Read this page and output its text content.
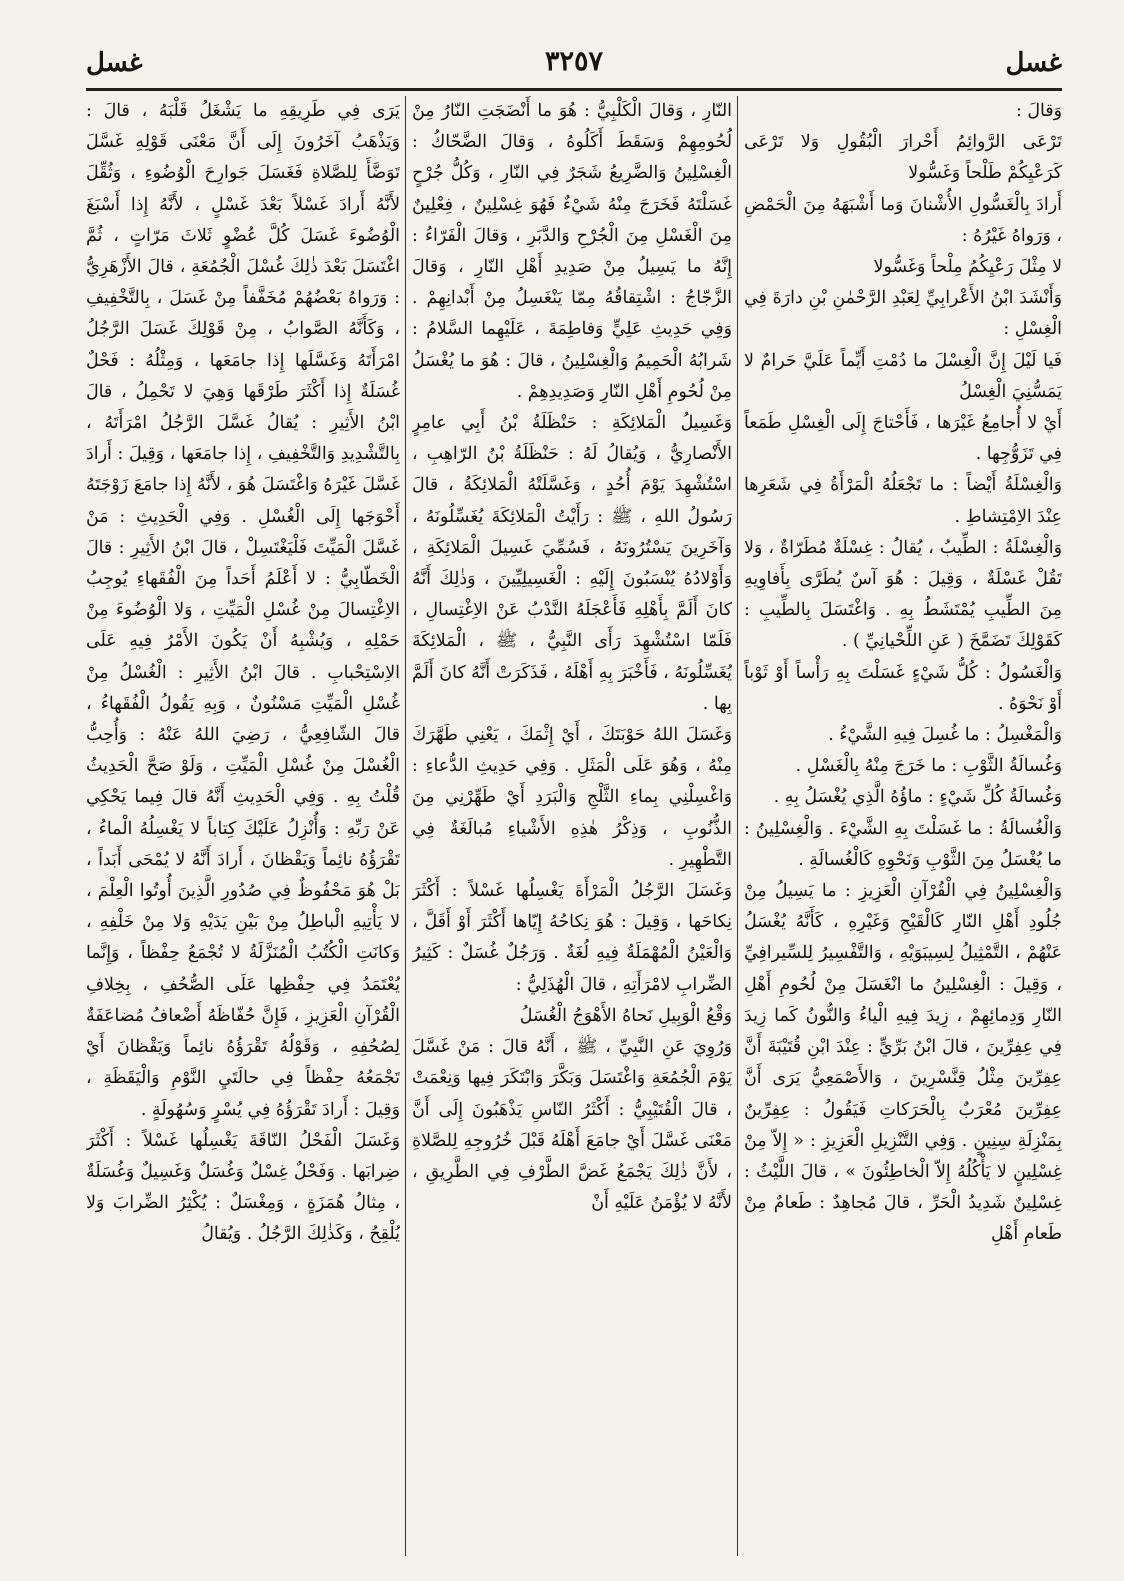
غسل
٣٢٥٧
غسل

وَقالَ :

تَرْعَى الرَّوائِمُ أَحْرارَ الْبُقُولِ وَلا تَرْعَى كَرَعْيِكُمْ طَلْحاً وَغَسُّولا

أَرادَ بِالْغَسُّولِ الأُشْنانَ وَما أَشْبَهَهُ مِنَ الْحَمْضِ ، وَرَواهُ غَيْرُهُ :

لا مِثْلَ رَعْيِكُمُ مِلْحاً وَغَسُّولا

وَأَنْشَدَ ابْنُ الأَعْرابِيِّ لِعَبْدِ الرَّحْمٰنِ بْنِ دارَةَ فِي الْغِسْلِ :

فَيا لَيْلَ إِنَّ الْغِسْلَ ما دُمْتِ أَيِّماً عَلَيَّ حَرامٌ لا يَمَسُّنِيَ الْغِسْلُ

أَيْ لا أُجامِعُ غَيْرَها ، فَأَحْتاجَ إِلَى الْغِسْلِ طَمَعاً فِي تَزَوُّجِها .

وَالْغِسْلَةُ أَيْضاً : ما تَجْعَلُهُ الْمَرْأَةُ فِي شَعَرِها عِنْدَ الاِمْتِشاطِ .

وَالْغِسْلَةُ : الطِّيبُ ، يُقالُ : غِسْلَةٌ مُطَرّاةٌ ، وَلا تَقُلْ غَسْلَةٌ ، وَقِيلَ : هُوَ آسٌ يُطَرَّى بِأَفاوِيهِ مِنَ الطِّيبِ يُمْتَشَطُ بِهِ . وَاغْتَسَلَ بِالطِّيبِ : كَقَوْلِكَ تَضَمَّخَ ( عَنِ اللِّحْيانِيِّ ) .

وَالْغَسُولُ : كُلُّ شَيْءٍ غَسَلْتَ بِهِ رَأْساً أَوْ ثَوْباً أَوْ نَحْوَهُ .

وَالْمَغْسِلُ : ما غُسِلَ فِيهِ الشَّيْءُ .

وَغُسالَةُ الثَّوْبِ : ما خَرَجَ مِنْهُ بِالْغَسْلِ .

وَغُسالَةُ كُلِّ شَيْءٍ : ماؤُهُ الَّذِي يُغْسَلُ بِهِ .

وَالْغُسالَةُ : ما غَسَلْتَ بِهِ الشَّيْءَ . وَالْغِسْلِينُ : ما يُغْسَلُ مِنَ الثَّوْبِ وَنَحْوِهِ كَالْغُسالَةِ .

وَالْغِسْلِينُ فِي الْقُرْآنِ الْعَزِيزِ : ما يَسِيلُ مِنْ جُلُودِ أَهْلِ النّارِ كَالْقَيْحِ وَغَيْرِهِ ، كَأَنَّهُ يُغْسَلُ عَنْهُمْ ، التَّمْثِيلُ لِسِيبَوَيْهِ ، وَالتَّفْسِيرُ لِلسِّيرافِيِّ ، وَقِيلَ : الْغِسْلِينُ ما انْغَسَلَ مِنْ لُحُومِ أَهْلِ النّارِ وَدِمائِهِمْ ، زِيدَ فِيهِ الْياءُ وَالنُّونُ كَما زِيدَ فِي عِفِرِّينَ ، قالَ ابْنُ بَرِّيٍّ : عِنْدَ ابْنِ قُتَيْبَةَ أَنَّ عِفِرِّينَ مِثْلُ قِنَّسْرِينَ ، وَالأَصْمَعِيُّ يَرَى أَنَّ عِفِرِّينَ مُعْرَبٌ بِالْحَرَكاتِ فَيَقُولُ : عِفِرِّينٌ بِمَنْزِلَةِ سِنِينٍ . وَفِي التَّنْزِيلِ الْعَزِيزِ : « إِلاّ مِنْ غِسْلِينٍ لا يَأْكُلُهُ إِلاّ الْخاطِئُونَ » ، قالَ اللَّيْثُ : غِسْلِينٌ شَدِيدُ الْحَرِّ ، قالَ مُجاهِدٌ : طَعامٌ مِنْ طَعامِ أَهْلِ

النّارِ ، وَقالَ الْكَلْبِيُّ : هُوَ ما أَنْضَجَتِ النّارُ مِنْ لُحُومِهِمْ وَسَقَطَ أَكَلُوهُ ، وَقالَ الضَّحّاكُ : الْغِسْلِينُ وَالضَّرِيعُ شَجَرٌ فِي النّارِ ، وَكُلُّ جُرْحٍ غَسَلْتَهُ فَخَرَجَ مِنْهُ شَيْءٌ فَهُوَ غِسْلِينٌ ، فِعْلِينٌ مِنَ الْغَسْلِ مِنَ الْجُرْحِ وَالدَّبَرِ ، وَقالَ الْفَرّاءُ : إِنَّهُ ما يَسِيلُ مِنْ صَدِيدِ أَهْلِ النّارِ ، وَقالَ الزَّجّاجُ : اشْتِقاقُهُ مِمّا يَنْغَسِلُ مِنْ أَبْدانِهِمْ . وَفِي حَدِيثِ عَلِيٍّ وَفاطِمَةَ ، عَلَيْهِما السَّلامُ : شَرابُهُ الْحَمِيمُ وَالْغِسْلِينُ ، قالَ : هُوَ ما يُغْسَلُ مِنْ لُحُومِ أَهْلِ النّارِ وَصَدِيدِهِمْ .

وَغَسِيلُ الْمَلائِكَةِ : حَنْظَلَةُ بْنُ أَبِي عامِرٍ الأَنْصارِيُّ ، وَيُقالُ لَهُ : حَنْظَلَةُ بْنُ الرّاهِبِ ، اسْتُشْهِدَ يَوْمَ أُحُدٍ ، وَغَسَّلَتْهُ الْمَلائِكَةُ ، قالَ رَسُولُ اللهِ ، ﷺ : رَأَيْتُ الْمَلائِكَةَ يُغَسِّلُونَهُ ، وَآخَرِينَ يَسْتُرُونَهُ ، فَسُمِّيَ غَسِيلَ الْمَلائِكَةِ ، وَأَوْلادُهُ يُنْسَبُونَ إِلَيْهِ : الْغَسِيلِيِّينَ ، وَذٰلِكَ أَنَّهُ كانَ أَلَمَّ بِأَهْلِهِ فَأَعْجَلَهُ النَّدْبُ عَنْ الاِغْتِسالِ ، فَلَمّا اسْتُشْهِدَ رَأَى النَّبِيُّ ، ﷺ ، الْمَلائِكَةَ يُغَسِّلُونَهُ ، فَأَخْبَرَ بِهِ أَهْلَهُ ، فَذَكَرَتْ أَنَّهُ كانَ أَلَمَّ بِها .

وَغَسَلَ اللهُ حَوْبَتَكَ ، أَيْ إِثْمَكَ ، يَعْنِي طَهَّرَكَ مِنْهُ ، وَهُوَ عَلَى الْمَثَلِ . وَفِي حَدِيثِ الدُّعاءِ : وَاغْسِلْنِي بِماءِ الثَّلْجِ وَالْبَرَدِ أَيْ طَهِّرْنِي مِنَ الذُّنُوبِ ، وَذِكْرُ هٰذِهِ الأَشْياءِ مُبالَغَةٌ فِي التَّطْهِيرِ .

وَغَسَلَ الرَّجُلُ الْمَرْأَةَ يَغْسِلُها غَسْلاً : أَكْثَرَ نِكاحَها ، وَقِيلَ : هُوَ نِكاحُهُ إِيّاها أَكْثَرَ أَوْ أَقَلَّ ، وَالْعَيْنُ الْمُهْمَلَةُ فِيهِ لُغَةٌ . وَرَجُلٌ غُسَلٌ : كَثِيرُ الضِّرابِ لامْرَأَتِهِ ، قالَ الْهُذَلِيُّ :

وَقْعُ الْوَبِيلِ نَحاهُ الأَهْوَجُ الْغُسَلُ

وَرُوِيَ عَنِ النَّبِيِّ ، ﷺ ، أَنَّهُ قالَ : مَنْ غَسَّلَ يَوْمَ الْجُمُعَةِ وَاغْتَسَلَ وَبَكَّرَ وَابْتَكَرَ فِيها وَنِعْمَتْ ، قالَ الْقُتَيْبِيُّ : أَكْثَرُ النّاسِ يَذْهَبُونَ إِلَى أَنَّ مَعْنَى غَسَّلَ أَيْ جامَعَ أَهْلَهُ قَبْلَ خُرُوجِهِ لِلصَّلاةِ ، لأَنَّ ذٰلِكَ يَجْمَعُ غَضَّ الطَّرْفِ فِي الطَّرِيقِ ، لأَنَّهُ لا يُؤْمَنُ عَلَيْهِ أَنْ

يَرَى فِي طَرِيقِهِ ما يَشْغَلُ قَلْبَهُ ، قالَ : وَيَذْهَبُ آخَرُونَ إِلَى أَنَّ مَعْنَى قَوْلِهِ غَسَّلَ تَوَضَّأَ لِلصَّلاةِ فَغَسَلَ جَوارِحَ الْوُضُوءِ ، وَثُقِّلَ لأَنَّهُ أَرادَ غَسْلاً بَعْدَ غَسْلٍ ، لأَنَّهُ إِذا أَسْبَغَ الْوُضُوءَ غَسَلَ كُلَّ عُضْوٍ ثَلاثَ مَرّاتٍ ، ثُمَّ اغْتَسَلَ بَعْدَ ذٰلِكَ غُسْلَ الْجُمُعَةِ ، قالَ الأَزْهَرِيُّ : وَرَواهُ بَعْضُهُمْ مُخَفَّفاً مِنْ غَسَلَ ، بِالتَّخْفِيفِ ، وَكَأَنَّهُ الصَّوابُ ، مِنْ قَوْلِكَ غَسَلَ الرَّجُلُ امْرَأَتَهُ وَغَسَّلَها إِذا جامَعَها ، وَمِثْلُهُ : فَحْلٌ غُسَلَةٌ إِذا أَكْثَرَ طَرْقَها وَهِيَ لا تَحْمِلُ ، قالَ ابْنُ الأَثِيرِ : يُقالُ غَسَّلَ الرَّجُلُ امْرَأَتَهُ ، بِالتَّشْدِيدِ وَالتَّخْفِيفِ ، إِذا جامَعَها ، وَقِيلَ : أَرادَ غَسَّلَ غَيْرَهُ وَاغْتَسَلَ هُوَ ، لأَنَّهُ إِذا جامَعَ زَوْجَتَهُ أَحْوَجَها إِلَى الْغُسْلِ . وَفِي الْحَدِيثِ : مَنْ غَسَّلَ الْمَيِّتَ فَلْيَغْتَسِلْ ، قالَ ابْنُ الأَثِيرِ : قالَ الْخَطّابِيُّ : لا أَعْلَمُ أَحَداً مِنَ الْفُقَهاءِ يُوجِبُ الاِغْتِسالَ مِنْ غُسْلِ الْمَيِّتِ ، وَلا الْوُضُوءَ مِنْ حَمْلِهِ ، وَيُشْبِهُ أَنْ يَكُونَ الأَمْرُ فِيهِ عَلَى الاِسْتِحْبابِ . قالَ ابْنُ الأَثِيرِ : الْغُسْلُ مِنْ غُسْلِ الْمَيِّتِ مَسْنُونٌ ، وَبِهِ يَقُولُ الْفُقَهاءُ ، قالَ الشّافِعِيُّ ، رَضِيَ اللهُ عَنْهُ : وَأُحِبُّ الْغُسْلَ مِنْ غُسْلِ الْمَيِّتِ ، وَلَوْ صَحَّ الْحَدِيثُ قُلْتُ بِهِ . وَفِي الْحَدِيثِ أَنَّهُ قالَ فِيما يَحْكِي عَنْ رَبِّهِ : وَأُنْزِلُ عَلَيْكَ كِتاباً لا يَغْسِلُهُ الْماءُ ، تَقْرَؤُهُ نائِماً وَيَقْظانَ ، أَرادَ أَنَّهُ لا يُمْحَى أَبَداً ، بَلْ هُوَ مَحْفُوظٌ فِي صُدُورِ الَّذِينَ أُوتُوا الْعِلْمَ ، لا يَأْتِيهِ الْباطِلُ مِنْ بَيْنِ يَدَيْهِ وَلا مِنْ خَلْفِهِ ، وَكانَتِ الْكُتُبُ الْمُنَزَّلَةُ لا تُجْمَعُ حِفْظاً ، وَإِنَّما يُعْتَمَدُ فِي حِفْظِها عَلَى الصُّحُفِ ، بِخِلافِ الْقُرْآنِ الْعَزِيزِ ، فَإِنَّ حُفّاظَهُ أَضْعافُ مُضاعَفَةٌ لِصُحُفِهِ ، وَقَوْلُهُ تَقْرَؤُهُ نائِماً وَيَقْظانَ أَيْ تَجْمَعُهُ حِفْظاً فِي حالَتَيِ النَّوْمِ وَالْيَقَظَةِ ، وَقِيلَ : أَرادَ تَقْرَؤُهُ فِي يُسْرٍ وَسُهُولَةٍ .

وَغَسَلَ الْفَحْلُ النّاقَةَ يَغْسِلُها غَسْلاً : أَكْثَرَ ضِرابَها . وَفَحْلٌ غِسْلٌ وَغُسَلٌ وَغَسِيلٌ وَغُسَلَةٌ ، مِثالُ هُمَزَةٍ ، وَمِغْسَلٌ : يُكْثِرُ الضِّرابَ وَلا يُلْقِحُ ، وَكَذٰلِكَ الرَّجُلُ . وَيُقالُ
